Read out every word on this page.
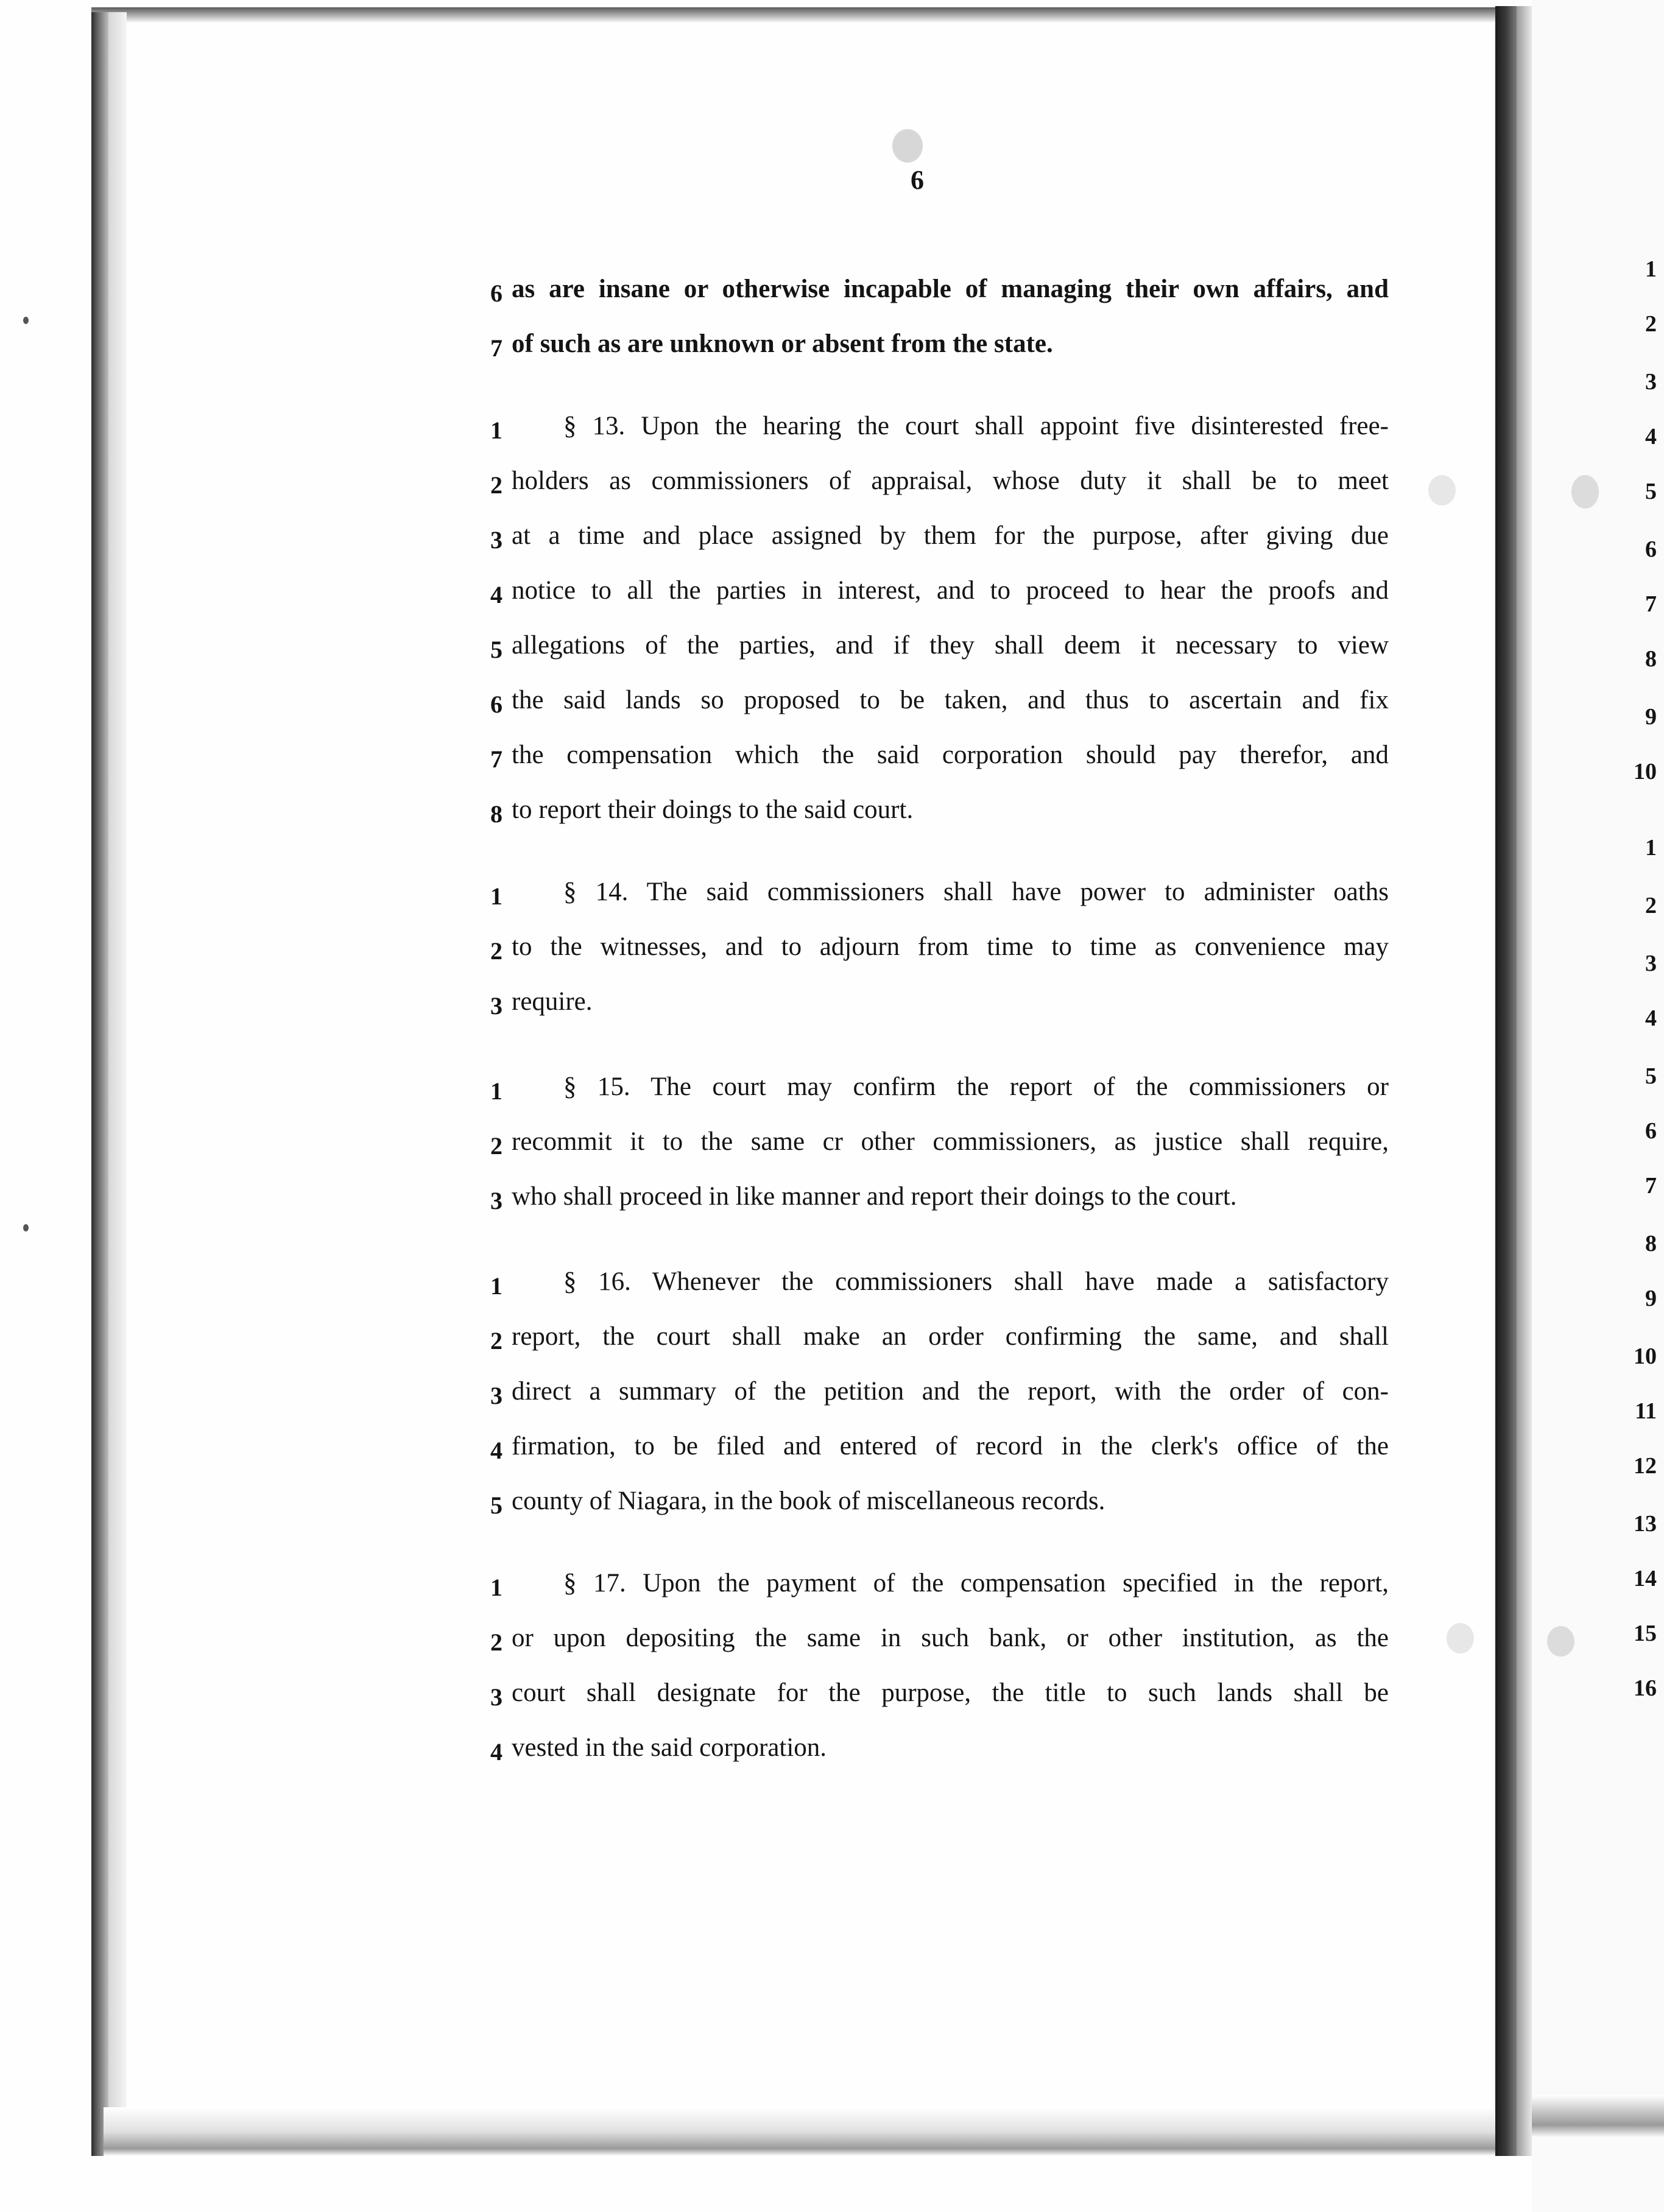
6
6 as are insane or otherwise incapable of managing their own affairs, and
7 of such as are unknown or absent from the state.
1 § 13. Upon the hearing the court shall appoint five disinterested free-
2 holders as commissioners of appraisal, whose duty it shall be to meet
3 at a time and place assigned by them for the purpose, after giving due
4 notice to all the parties in interest, and to proceed to hear the proofs and
5 allegations of the parties, and if they shall deem it necessary to view
6 the said lands so proposed to be taken, and thus to ascertain and fix
7 the compensation which the said corporation should pay therefor, and
8 to report their doings to the said court.
1 § 14. The said commissioners shall have power to administer oaths
2 to the witnesses, and to adjourn from time to time as convenience may
3 require.
1 § 15. The court may confirm the report of the commissioners or
2 recommit it to the same cr other commissioners, as justice shall require,
3 who shall proceed in like manner and report their doings to the court.
1 § 16. Whenever the commissioners shall have made a satisfactory
2 report, the court shall make an order confirming the same, and shall
3 direct a summary of the petition and the report, with the order of con-
4 firmation, to be filed and entered of record in the clerk's office of the
5 county of Niagara, in the book of miscellaneous records.
1 § 17. Upon the payment of the compensation specified in the report,
2 or upon depositing the same in such bank, or other institution, as the
3 court shall designate for the purpose, the title to such lands shall be
4 vested in the said corporation.
1
2
3
4
5
6
7
8
9
10
1
2
3
4
5
6
7
8
9
10
11
12
13
14
15
16
